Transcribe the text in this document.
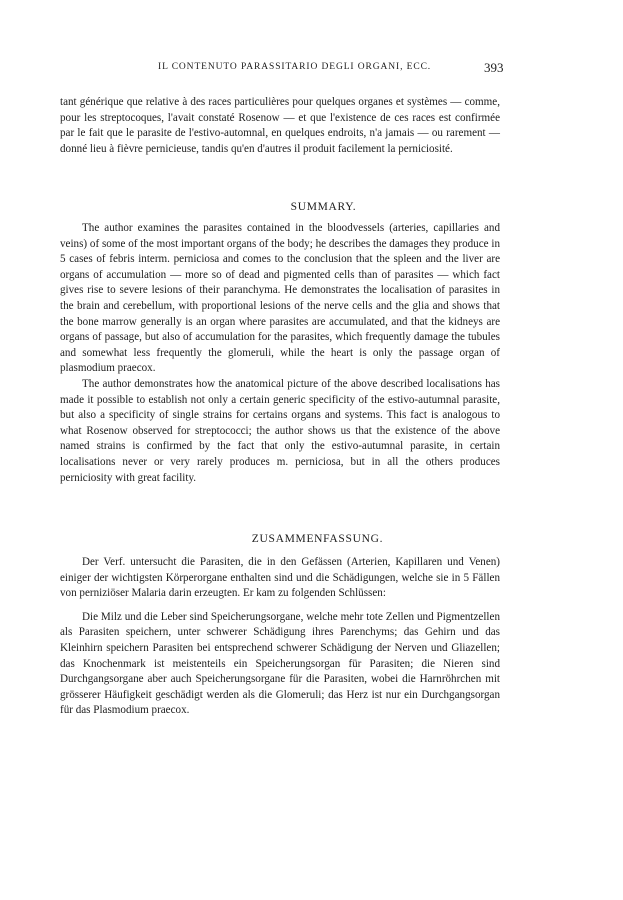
IL CONTENUTO PARASSITARIO DEGLI ORGANI, ECC.	393

tant générique que relative à des races particulières pour quelques organes et systèmes — comme, pour les streptocoques, l'avait constaté Rosenow — et que l'existence de ces races est confirmée par le fait que le parasite de l'estivo-automnal, en quelques endroits, n'a jamais — ou rarement — donné lieu à fièvre pernicieuse, tandis qu'en d'autres il produit facilement la perniciosité.

SUMMARY.

The author examines the parasites contained in the bloodvessels (arteries, capillaries and veins) of some of the most important organs of the body; he describes the damages they produce in 5 cases of febris interm. perniciosa and comes to the conclusion that the spleen and the liver are organs of accumulation — more so of dead and pigmented cells than of parasites — which fact gives rise to severe lesions of their paranchyma. He demonstrates the localisation of parasites in the brain and cerebellum, with proportional lesions of the nerve cells and the glia and shows that the bone marrow generally is an organ where parasites are accumulated, and that the kidneys are organs of passage, but also of accumulation for the parasites, which frequently damage the tubules and somewhat less frequently the glomeruli, while the heart is only the passage organ of plasmodium praecox.

The author demonstrates how the anatomical picture of the above described localisations has made it possible to establish not only a certain generic specificity of the estivo-autumnal parasite, but also a specificity of single strains for certains organs and systems. This fact is analogous to what Rosenow observed for streptococci; the author shows us that the existence of the above named strains is confirmed by the fact that only the estivo-autumnal parasite, in certain localisations never or very rarely produces m. perniciosa, but in all the others produces perniciosity with great facility.

ZUSAMMENFASSUNG.

Der Verf. untersucht die Parasiten, die in den Gefässen (Arterien, Kapillaren und Venen) einiger der wichtigsten Körperorgane enthalten sind und die Schädigungen, welche sie in 5 Fällen von perniziöser Malaria darin erzeugten. Er kam zu folgenden Schlüssen:

Die Milz und die Leber sind Speicherungsorgane, welche mehr tote Zellen und Pigmentzellen als Parasiten speichern, unter schwerer Schädigung ihres Parenchyms; das Gehirn und das Kleinhirn speichern Parasiten bei entsprechend schwerer Schädigung der Nerven und Gliazellen; das Knochenmark ist meistenteils ein Speicherungsorgan für Parasiten; die Nieren sind Durchgangsorgane aber auch Speicherungsorgane für die Parasiten, wobei die Harnröhrchen mit grösserer Häufigkeit geschädigt werden als die Glomeruli; das Herz ist nur ein Durchgangsorgan für das Plasmodium praecox.
